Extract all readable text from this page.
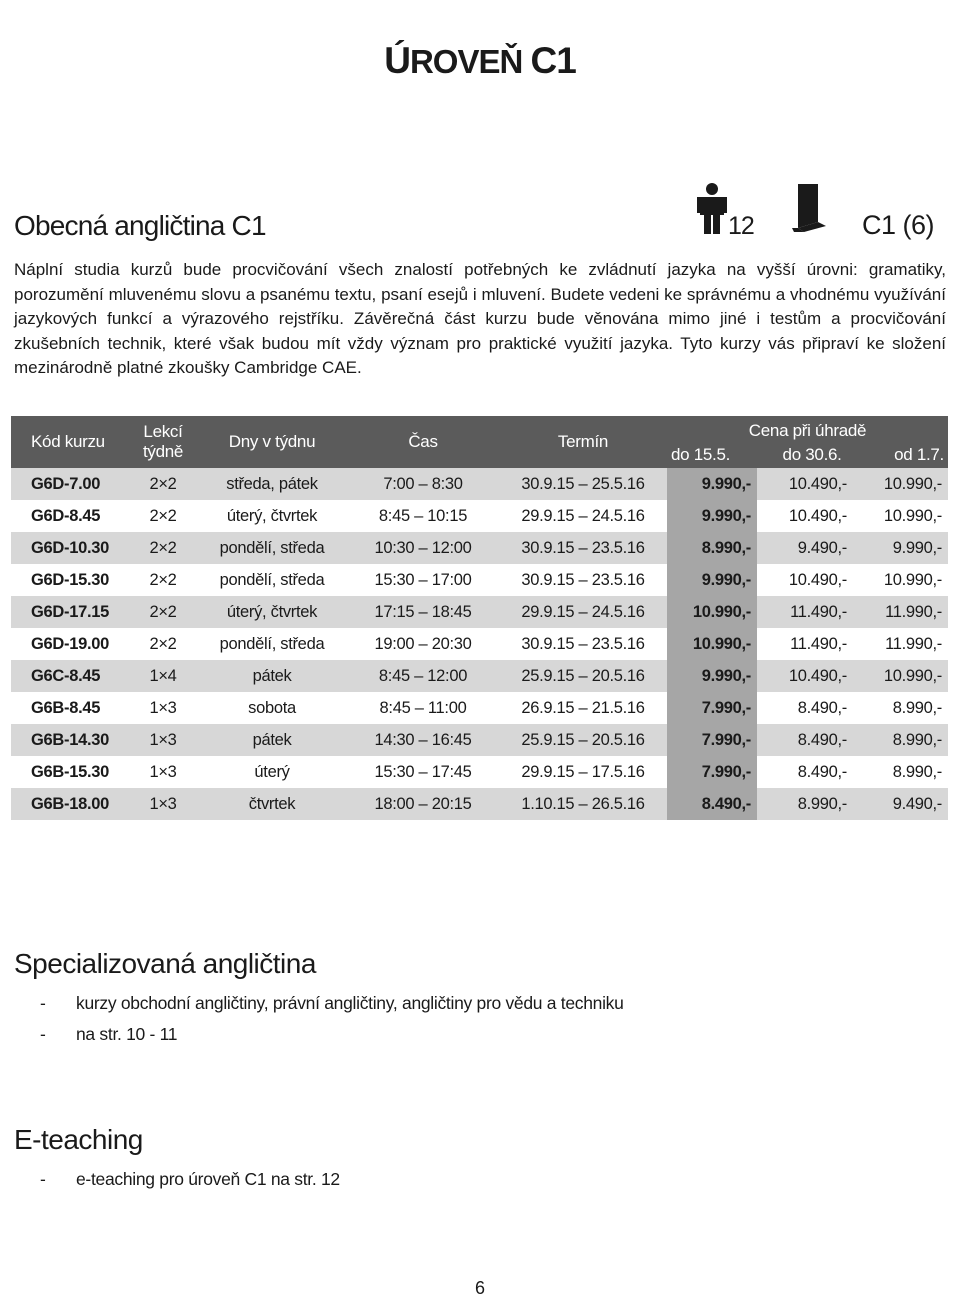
ÚROVEŇ C1
Obecná angličtina C1	12	C1 (6)

Náplní studia kurzů bude procvičování všech znalostí potřebných ke zvládnutí jazyka na vyšší úrovni: gramatiky, porozumění mluvenému slovu a psanému textu, psaní esejů i mluvení. Budete vedeni ke správnému a vhodnému využívání jazykových funkcí a výrazového rejstříku. Závěrečná část kurzu bude věnována mimo jiné i testům a procvičování zkušebních technik, které však budou mít vždy význam pro praktické využití jazyka. Tyto kurzy vás připraví ke složení mezinárodně platné zkoušky Cambridge CAE.

Kód kurzu	Lekcí týdně	Dny v týdnu	Čas	Termín	Cena při úhradě
do 15.5. do 30.6. od 1.7.		

G6D-7.00	2×2	středa, pátek	7:00 – 8:30	30.9.15 – 25.5.16	9.990,-	10.490,-	10.990,-
G6D-8.45	2×2	úterý, čtvrtek	8:45 – 10:15	29.9.15 – 24.5.16	9.990,-	10.490,-	10.990,-
G6D-10.30	2×2	pondělí, středa	10:30 – 12:00	30.9.15 – 23.5.16	8.990,-	9.490,-	9.990,-
G6D-15.30	2×2	pondělí, středa	15:30 – 17:00	30.9.15 – 23.5.16	9.990,-	10.490,-	10.990,-
G6D-17.15	2×2	úterý, čtvrtek	17:15 – 18:45	29.9.15 – 24.5.16	10.990,-	11.490,-	11.990,-
G6D-19.00	2×2	pondělí, středa	19:00 – 20:30	30.9.15 – 23.5.16	10.990,-	11.490,-	11.990,-
G6C-8.45	1×4	pátek	8:45 – 12:00	25.9.15 – 20.5.16	9.990,-	10.490,-	10.990,-
G6B-8.45	1×3	sobota	8:45 – 11:00	26.9.15 – 21.5.16	7.990,-	8.490,-	8.990,-
G6B-14.30	1×3	pátek	14:30 – 16:45	25.9.15 – 20.5.16	7.990,-	8.490,-	8.990,-
G6B-15.30	1×3	úterý	15:30 – 17:45	29.9.15 – 17.5.16	7.990,-	8.490,-	8.990,-
G6B-18.00	1×3	čtvrtek	18:00 – 20:15	1.10.15 – 26.5.16	8.490,-	8.990,-	9.490,-
Specializovaná angličtina
- kurzy obchodní angličtiny, právní angličtiny, angličtiny pro vědu a techniku
- na str. 10 - 11
E-teaching
- e-teaching pro úroveň C1 na str. 12
6
